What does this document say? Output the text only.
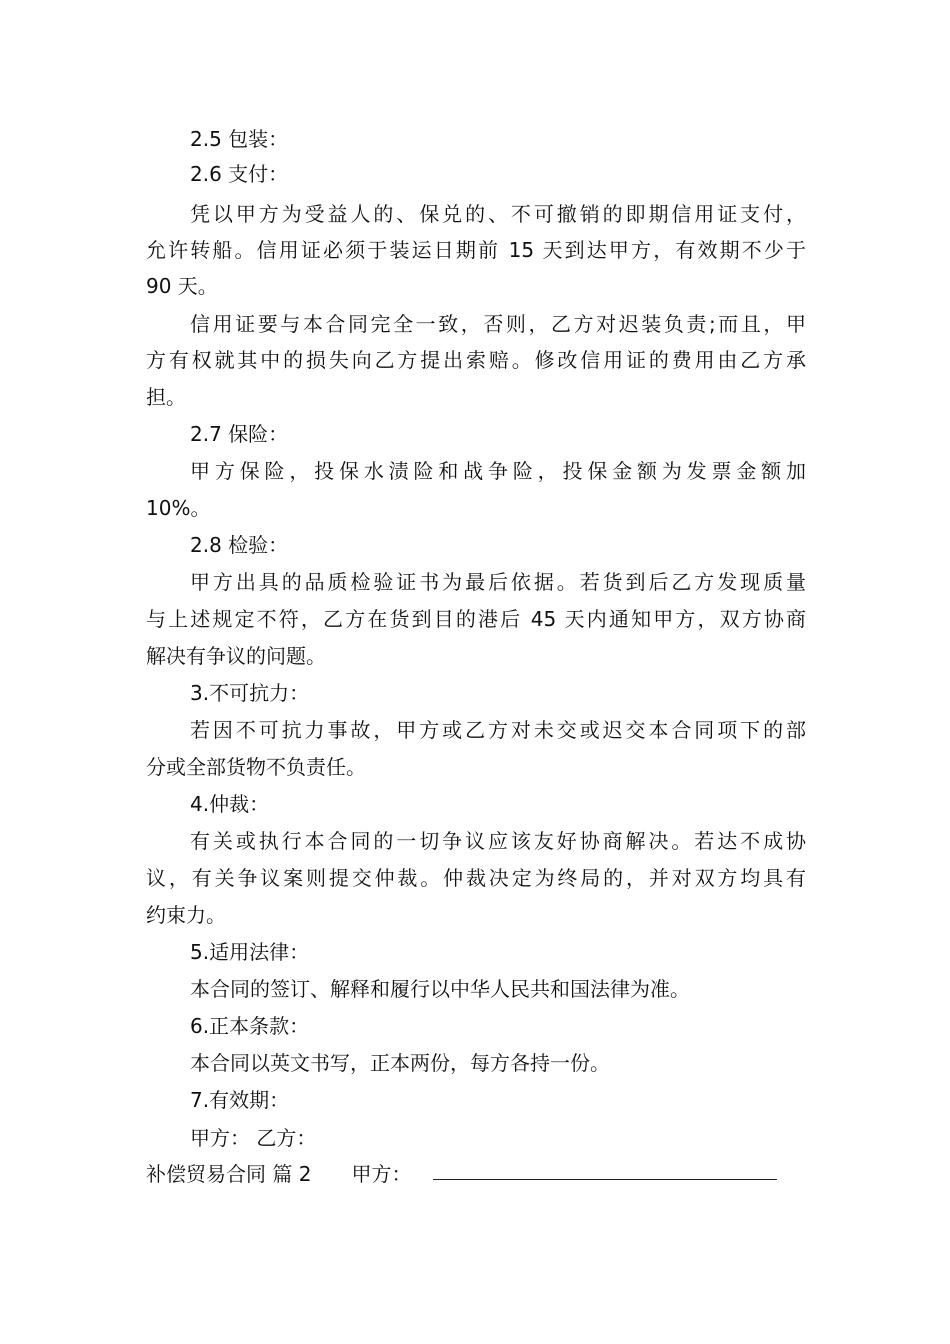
2.5 包装：
2.6 支付：
凭以甲方为受益人的、保兑的、不可撤销的即期信用证支付，
允许转船。信用证必须于装运日期前 15 天到达甲方，有效期不少于
90 天。
信用证要与本合同完全一致，否则，乙方对迟装负责;而且，甲
方有权就其中的损失向乙方提出索赔。修改信用证的费用由乙方承
担。
2.7 保险：
甲方保险，投保水渍险和战争险，投保金额为发票金额加
10%。
2.8 检验：
甲方出具的品质检验证书为最后依据。若货到后乙方发现质量
与上述规定不符，乙方在货到目的港后 45 天内通知甲方，双方协商
解决有争议的问题。
3.不可抗力：
若因不可抗力事故，甲方或乙方对未交或迟交本合同项下的部
分或全部货物不负责任。
4.仲裁：
有关或执行本合同的一切争议应该友好协商解决。若达不成协
议，有关争议案则提交仲裁。仲裁决定为终局的，并对双方均具有
约束力。
5.适用法律：
本合同的签订、解释和履行以中华人民共和国法律为准。
6.正本条款：
本合同以英文书写，正本两份，每方各持一份。
7.有效期：
甲方： 乙方：
补偿贸易合同 篇 2　　甲方：
